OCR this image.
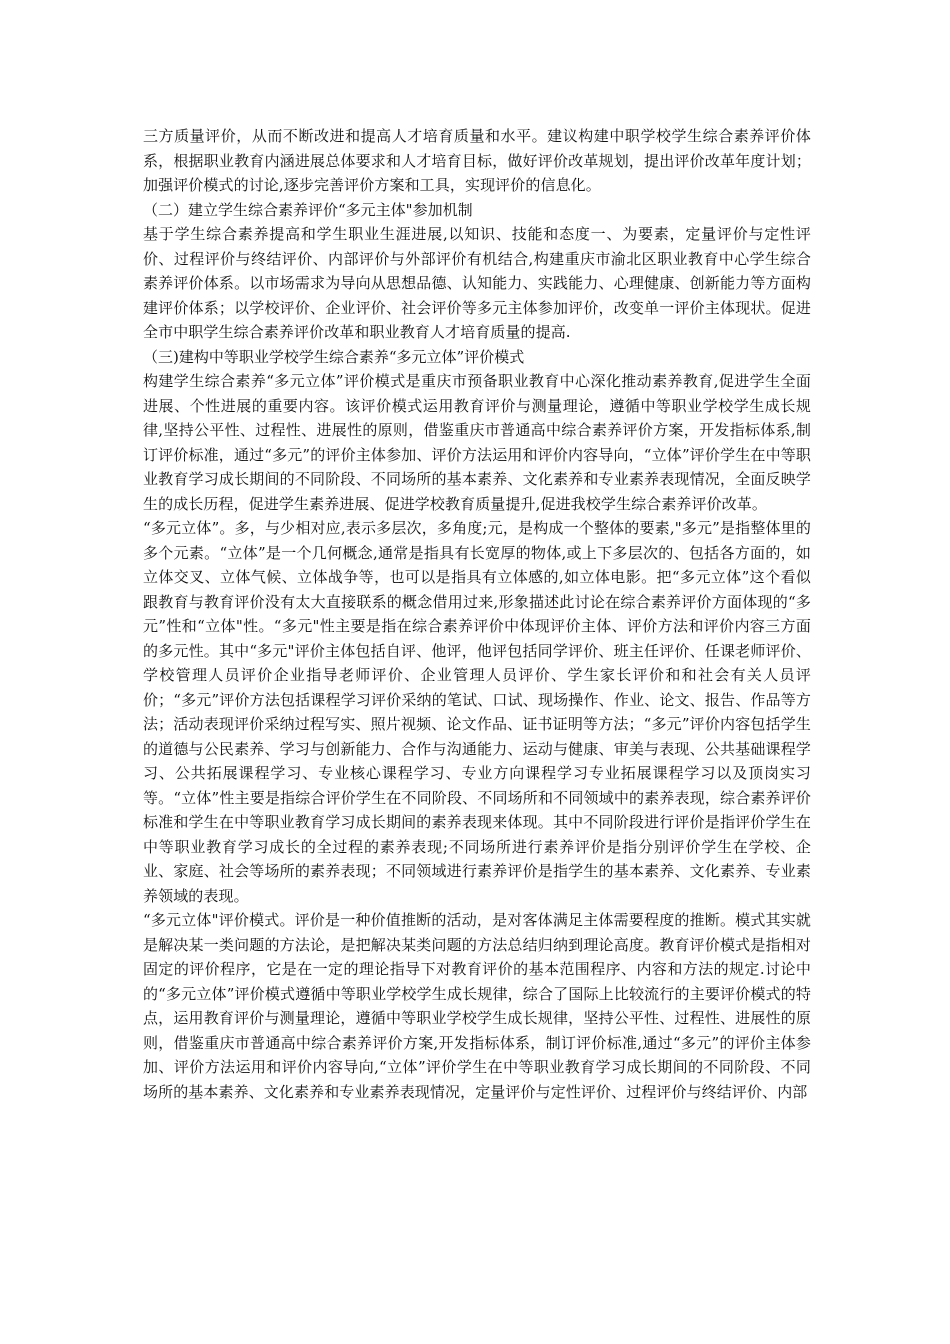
三方质量评价，从而不断改进和提高人才培育质量和水平。建议构建中职学校学生综合素养评价体系，根据职业教育内涵进展总体要求和人才培育目标，做好评价改革规划，提出评价改革年度计划；加强评价模式的讨论,逐步完善评价方案和工具，实现评价的信息化。

（二）建立学生综合素养评价“多元主体"参加机制

基于学生综合素养提高和学生职业生涯进展,以知识、技能和态度一、为要素，定量评价与定性评价、过程评价与终结评价、内部评价与外部评价有机结合,构建重庆市渝北区职业教育中心学生综合素养评价体系。以市场需求为导向从思想品德、认知能力、实践能力、心理健康、创新能力等方面构建评价体系；以学校评价、企业评价、社会评价等多元主体参加评价，改变单一评价主体现状。促进全市中职学生综合素养评价改革和职业教育人才培育质量的提高.

（三)建构中等职业学校学生综合素养“多元立体”评价模式

构建学生综合素养“多元立体”评价模式是重庆市预备职业教育中心深化推动素养教育,促进学生全面进展、个性进展的重要内容。该评价模式运用教育评价与测量理论，遵循中等职业学校学生成长规律,坚持公平性、过程性、进展性的原则，借鉴重庆市普通高中综合素养评价方案，开发指标体系,制订评价标准，通过“多元”的评价主体参加、评价方法运用和评价内容导向，“立体”评价学生在中等职业教育学习成长期间的不同阶段、不同场所的基本素养、文化素养和专业素养表现情况，全面反映学生的成长历程，促进学生素养进展、促进学校教育质量提升,促进我校学生综合素养评价改革。

“多元立体”。多，与少相对应,表示多层次，多角度;元，是构成一个整体的要素,"多元”是指整体里的多个元素。“立体”是一个几何概念,通常是指具有长宽厚的物体,或上下多层次的、包括各方面的，如立体交叉、立体气候、立体战争等，也可以是指具有立体感的,如立体电影。把“多元立体”这个看似跟教育与教育评价没有太大直接联系的概念借用过来,形象描述此讨论在综合素养评价方面体现的“多元”性和“立体"性。“多元"性主要是指在综合素养评价中体现评价主体、评价方法和评价内容三方面的多元性。其中“多元"评价主体包括自评、他评，他评包括同学评价、班主任评价、任课老师评价、学校管理人员评价企业指导老师评价、企业管理人员评价、学生家长评价和和社会有关人员评价；“多元”评价方法包括课程学习评价采纳的笔试、口试、现场操作、作业、论文、报告、作品等方法；活动表现评价采纳过程写实、照片视频、论文作品、证书证明等方法；“多元”评价内容包括学生的道德与公民素养、学习与创新能力、合作与沟通能力、运动与健康、审美与表现、公共基础课程学习、公共拓展课程学习、专业核心课程学习、专业方向课程学习专业拓展课程学习以及顶岗实习等。“立体”性主要是指综合评价学生在不同阶段、不同场所和不同领域中的素养表现，综合素养评价标准和学生在中等职业教育学习成长期间的素养表现来体现。其中不同阶段进行评价是指评价学生在中等职业教育学习成长的全过程的素养表现;不同场所进行素养评价是指分别评价学生在学校、企业、家庭、社会等场所的素养表现；不同领域进行素养评价是指学生的基本素养、文化素养、专业素养领域的表现。

“多元立体"评价模式。评价是一种价值推断的活动，是对客体满足主体需要程度的推断。模式其实就是解决某一类问题的方法论，是把解决某类问题的方法总结归纳到理论高度。教育评价模式是指相对固定的评价程序，它是在一定的理论指导下对教育评价的基本范围程序、内容和方法的规定.讨论中的“多元立体”评价模式遵循中等职业学校学生成长规律，综合了国际上比较流行的主要评价模式的特点，运用教育评价与测量理论，遵循中等职业学校学生成长规律，坚持公平性、过程性、进展性的原则，借鉴重庆市普通高中综合素养评价方案,开发指标体系，制订评价标准,通过“多元”的评价主体参加、评价方法运用和评价内容导向,“立体”评价学生在中等职业教育学习成长期间的不同阶段、不同场所的基本素养、文化素养和专业素养表现情况，定量评价与定性评价、过程评价与终结评价、内部
